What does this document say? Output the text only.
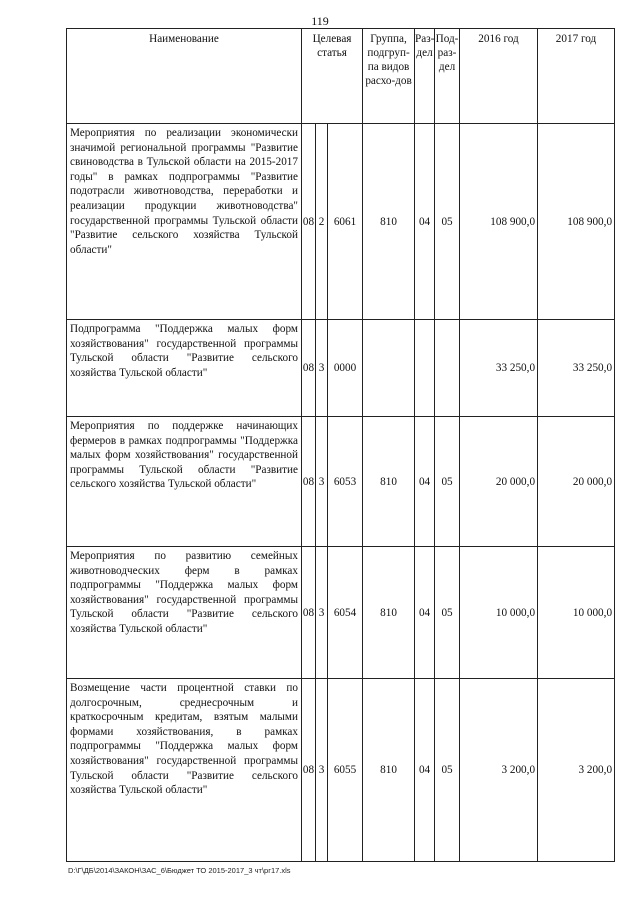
119
Наименование	Целевая статья			Группа, подгруп-па видов расхо-дов	Раз-дел	Под-раз-дел	2016 год	2017 год
Мероприятия по реализации экономически значимой региональной программы "Развитие свиноводства в Тульской области на 2015-2017 годы" в рамках подпрограммы "Развитие подотрасли животноводства, переработки и реализации продукции животноводства" государственной программы Тульской области "Развитие сельского хозяйства Тульской области"	08	2	6061	810	04	05	108 900,0	108 900,0
Подпрограмма "Поддержка малых форм хозяйствования" государственной программы Тульской области "Развитие сельского хозяйства Тульской области"	08	3	0000				33 250,0	33 250,0
Мероприятия по поддержке начинающих фермеров в рамках подпрограммы "Поддержка малых форм хозяйствования" государственной программы Тульской области "Развитие сельского хозяйства Тульской области"	08	3	6053	810	04	05	20 000,0	20 000,0
Мероприятия по развитию семейных животноводческих ферм в рамках подпрограммы "Поддержка малых форм хозяйствования" государственной программы Тульской области "Развитие сельского хозяйства Тульской области"	08	3	6054	810	04	05	10 000,0	10 000,0
Возмещение части процентной ставки по долгосрочным, среднесрочным и краткосрочным кредитам, взятым малыми формами хозяйствования, в рамках подпрограммы "Поддержка малых форм хозяйствования" государственной программы Тульской области "Развитие сельского хозяйства Тульской области"	08	3	6055	810	04	05	3 200,0	3 200,0
D:\Г\ДБ\2014\ЗАКОН\ЗАС_6\Бюджет ТО 2015-2017_3 чт\рг17.xls
